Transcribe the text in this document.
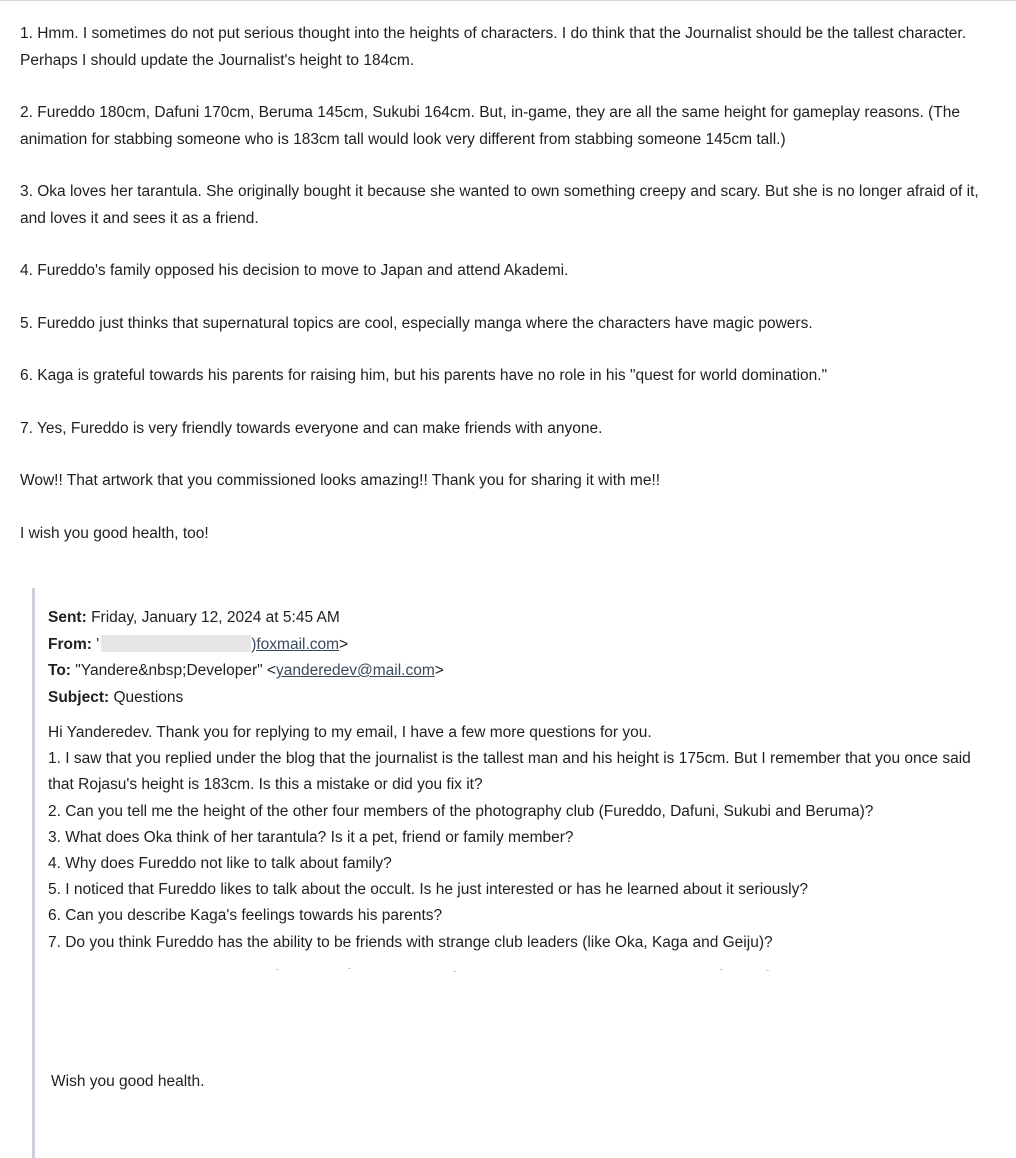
1. Hmm. I sometimes do not put serious thought into the heights of characters. I do think that the Journalist should be the tallest character. Perhaps I should update the Journalist's height to 184cm.

2. Fureddo 180cm, Dafuni 170cm, Beruma 145cm, Sukubi 164cm. But, in-game, they are all the same height for gameplay reasons. (The animation for stabbing someone who is 183cm tall would look very different from stabbing someone 145cm tall.)

3. Oka loves her tarantula. She originally bought it because she wanted to own something creepy and scary. But she is no longer afraid of it, and loves it and sees it as a friend.

4. Fureddo's family opposed his decision to move to Japan and attend Akademi.

5. Fureddo just thinks that supernatural topics are cool, especially manga where the characters have magic powers.

6. Kaga is grateful towards his parents for raising him, but his parents have no role in his "quest for world domination."

7. Yes, Fureddo is very friendly towards everyone and can make friends with anyone.

Wow!! That artwork that you commissioned looks amazing!! Thank you for sharing it with me!!

I wish you good health, too!

Sent: Friday, January 12, 2024 at 5:45 AM
From: '	)foxmail.com>
To: "Yandere&nbsp;Developer" <yanderedev@mail.com>
Subject: Questions
Hi Yanderedev. Thank you for replying to my email, I have a few more questions for you.
1. I saw that you replied under the blog that the journalist is the tallest man and his height is 175cm. But I remember that you once said that Rojasu's height is 183cm. Is this a mistake or did you fix it?
2. Can you tell me the height of the other four members of the photography club (Fureddo, Dafuni, Sukubi and Beruma)?
3. What does Oka think of her tarantula? Is it a pet, friend or family member?
4. Why does Fureddo not like to talk about family?
5. I noticed that Fureddo likes to talk about the occult. Is he just interested or has he learned about it seriously?
6. Can you describe Kaga's feelings towards his parents?
7. Do you think Fureddo has the ability to be friends with strange club leaders (like Oka, Kaga and Geiju)?
Wish you good health.
